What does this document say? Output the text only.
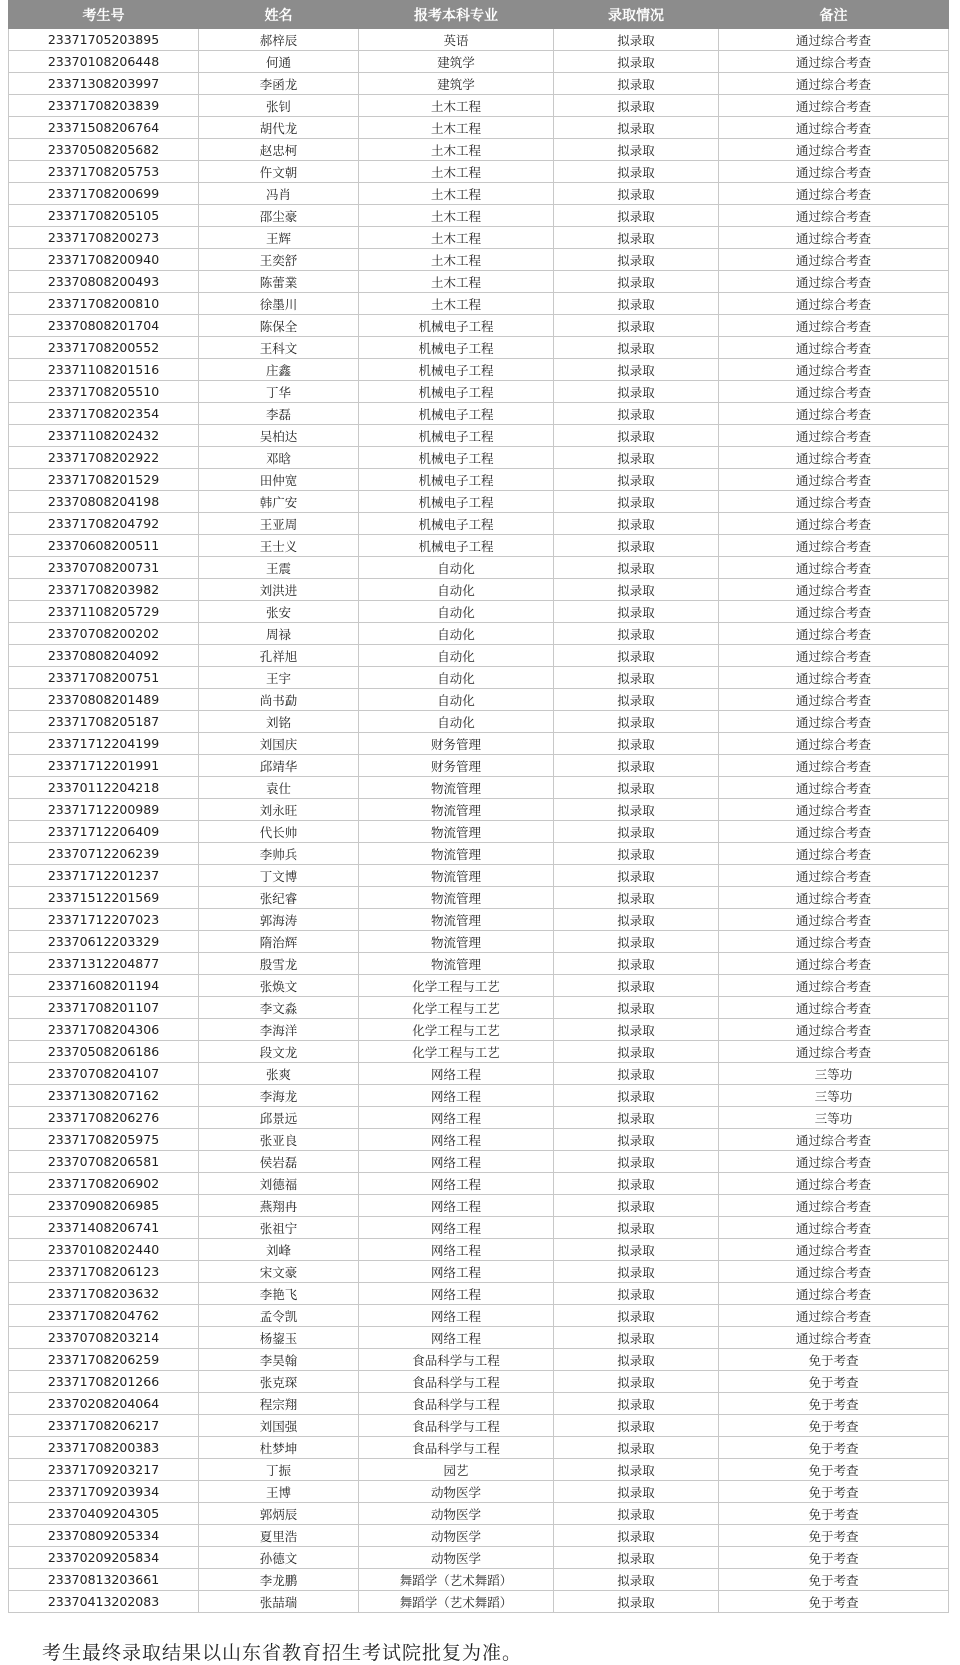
考生号	姓名	报考本科专业	录取情况	备注
23371705203895	郝梓辰	英语	拟录取	通过综合考查
23370108206448	何通	建筑学	拟录取	通过综合考查
23371308203997	李函龙	建筑学	拟录取	通过综合考查
23371708203839	张钊	土木工程	拟录取	通过综合考查
23371508206764	胡代龙	土木工程	拟录取	通过综合考查
23370508205682	赵忠柯	土木工程	拟录取	通过综合考查
23371708205753	仵文朝	土木工程	拟录取	通过综合考查
23371708200699	冯肖	土木工程	拟录取	通过综合考查
23371708205105	邵尘豪	土木工程	拟录取	通过综合考查
23371708200273	王辉	土木工程	拟录取	通过综合考查
23371708200940	王奕舒	土木工程	拟录取	通过综合考查
23370808200493	陈蕾業	土木工程	拟录取	通过综合考查
23371708200810	徐墨川	土木工程	拟录取	通过综合考查
23370808201704	陈保全	机械电子工程	拟录取	通过综合考查
23371708200552	王科文	机械电子工程	拟录取	通过综合考查
23371108201516	庄鑫	机械电子工程	拟录取	通过综合考查
23371708205510	丁华	机械电子工程	拟录取	通过综合考查
23371708202354	李磊	机械电子工程	拟录取	通过综合考查
23371108202432	吴柏达	机械电子工程	拟录取	通过综合考查
23371708202922	邓晗	机械电子工程	拟录取	通过综合考查
23371708201529	田仲宽	机械电子工程	拟录取	通过综合考查
23370808204198	韩广安	机械电子工程	拟录取	通过综合考查
23371708204792	王亚周	机械电子工程	拟录取	通过综合考查
23370608200511	王士义	机械电子工程	拟录取	通过综合考查
23370708200731	王震	自动化	拟录取	通过综合考查
23371708203982	刘洪进	自动化	拟录取	通过综合考查
23371108205729	张安	自动化	拟录取	通过综合考查
23370708200202	周禄	自动化	拟录取	通过综合考查
23370808204092	孔祥旭	自动化	拟录取	通过综合考查
23371708200751	王宇	自动化	拟录取	通过综合考查
23370808201489	尚书勐	自动化	拟录取	通过综合考查
23371708205187	刘铭	自动化	拟录取	通过综合考查
23371712204199	刘国庆	财务管理	拟录取	通过综合考查
23371712201991	邱靖华	财务管理	拟录取	通过综合考查
23370112204218	袁仕	物流管理	拟录取	通过综合考查
23371712200989	刘永旺	物流管理	拟录取	通过综合考查
23371712206409	代长帅	物流管理	拟录取	通过综合考查
23370712206239	李帅兵	物流管理	拟录取	通过综合考查
23371712201237	丁文博	物流管理	拟录取	通过综合考查
23371512201569	张纪睿	物流管理	拟录取	通过综合考查
23371712207023	郭海涛	物流管理	拟录取	通过综合考查
23370612203329	隋治辉	物流管理	拟录取	通过综合考查
23371312204877	殷雪龙	物流管理	拟录取	通过综合考查
23371608201194	张焕文	化学工程与工艺	拟录取	通过综合考查
23371708201107	李文淼	化学工程与工艺	拟录取	通过综合考查
23371708204306	李海洋	化学工程与工艺	拟录取	通过综合考查
23370508206186	段文龙	化学工程与工艺	拟录取	通过综合考查
23370708204107	张爽	网络工程	拟录取	三等功
23371308207162	李海龙	网络工程	拟录取	三等功
23371708206276	邱景远	网络工程	拟录取	三等功
23371708205975	张亚良	网络工程	拟录取	通过综合考查
23370708206581	侯岩磊	网络工程	拟录取	通过综合考查
23371708206902	刘德福	网络工程	拟录取	通过综合考查
23370908206985	燕翔冉	网络工程	拟录取	通过综合考查
23371408206741	张祖宁	网络工程	拟录取	通过综合考查
23370108202440	刘峰	网络工程	拟录取	通过综合考查
23371708206123	宋文豪	网络工程	拟录取	通过综合考查
23371708203632	李艳飞	网络工程	拟录取	通过综合考查
23371708204762	孟令凯	网络工程	拟录取	通过综合考查
23370708203214	杨鋆玉	网络工程	拟录取	通过综合考查
23371708206259	李昊翰	食品科学与工程	拟录取	免于考查
23371708201266	张克琛	食品科学与工程	拟录取	免于考查
23370208204064	程宗翔	食品科学与工程	拟录取	免于考查
23371708206217	刘国强	食品科学与工程	拟录取	免于考查
23371708200383	杜梦坤	食品科学与工程	拟录取	免于考查
23371709203217	丁振	园艺	拟录取	免于考查
23371709203934	王博	动物医学	拟录取	免于考查
23370409204305	郭炳辰	动物医学	拟录取	免于考查
23370809205334	夏里浩	动物医学	拟录取	免于考查
23370209205834	孙德文	动物医学	拟录取	免于考查
23370813203661	李龙鹏	舞蹈学（艺术舞蹈）	拟录取	免于考查
23370413202083	张喆瑞	舞蹈学（艺术舞蹈）	拟录取	免于考查
考生最终录取结果以山东省教育招生考试院批复为准。
